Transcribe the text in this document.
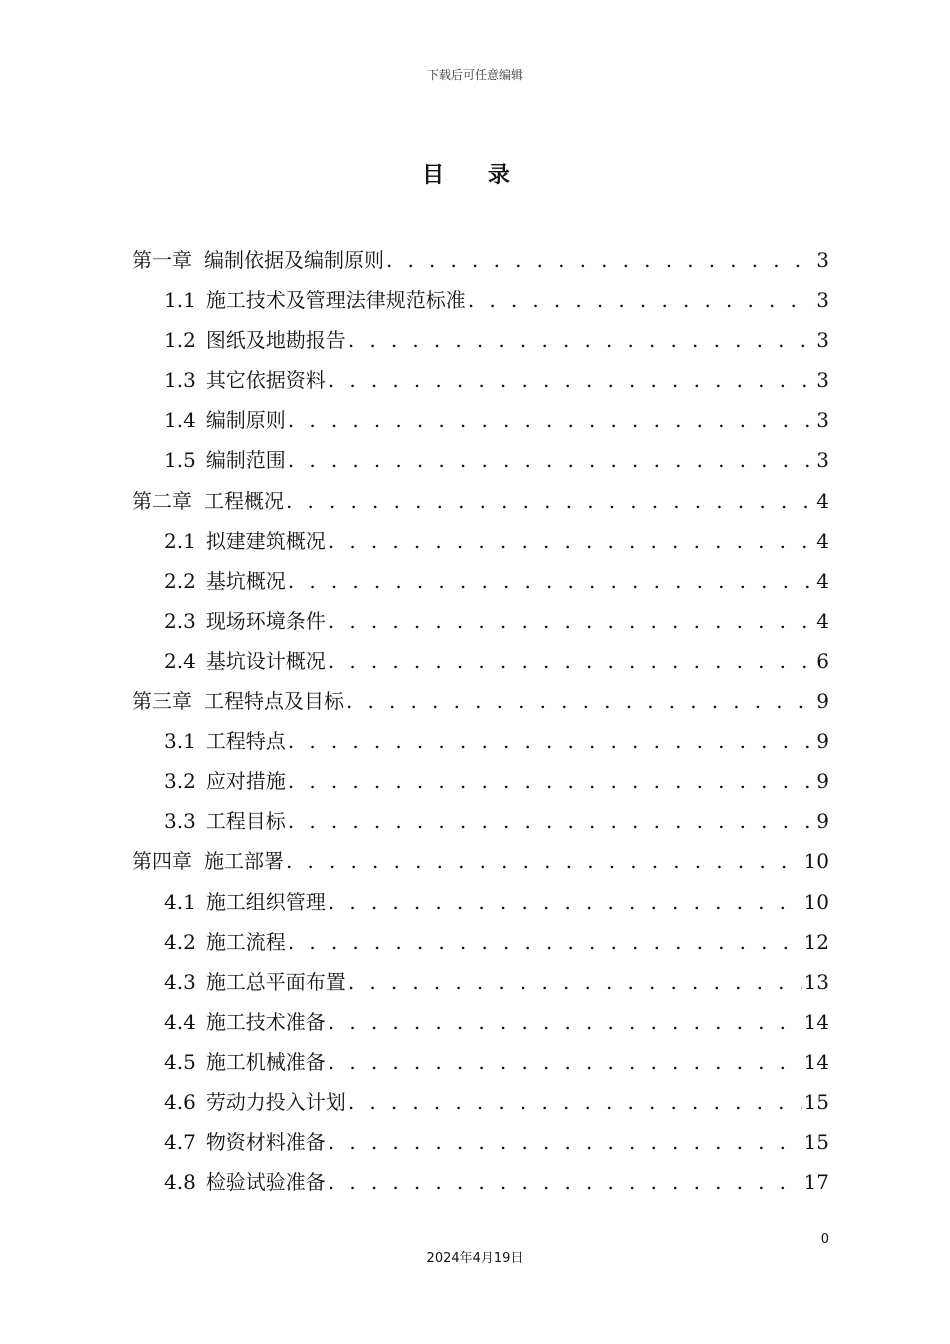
下载后可任意编辑
目 录
第一章 编制依据及编制原则 . . .	3
1.1 施工技术及管理法律规范标准 . . .	3
1.2 图纸及地勘报告 . . .	3
1.3 其它依据资料 . . .	3
1.4 编制原则 . . .	3
1.5 编制范围 . . .	3
第二章 工程概况 . . .	4
2.1 拟建建筑概况 . . .	4
2.2 基坑概况 . . .	4
2.3 现场环境条件 . . .	4
2.4 基坑设计概况 . . .	6
第三章 工程特点及目标 . . .	9
3.1 工程特点 . . .	9
3.2 应对措施 . . .	9
3.3 工程目标 . . .	9
第四章 施工部署 . . .	10
4.1 施工组织管理 . . .	10
4.2 施工流程 . . .	12
4.3 施工总平面布置 . . .	13
4.4 施工技术准备 . . .	14
4.5 施工机械准备 . . .	14
4.6 劳动力投入计划 . . .	15
4.7 物资材料准备 . . .	15
4.8 检验试验准备 . . .	17
0
2024年4月19日
